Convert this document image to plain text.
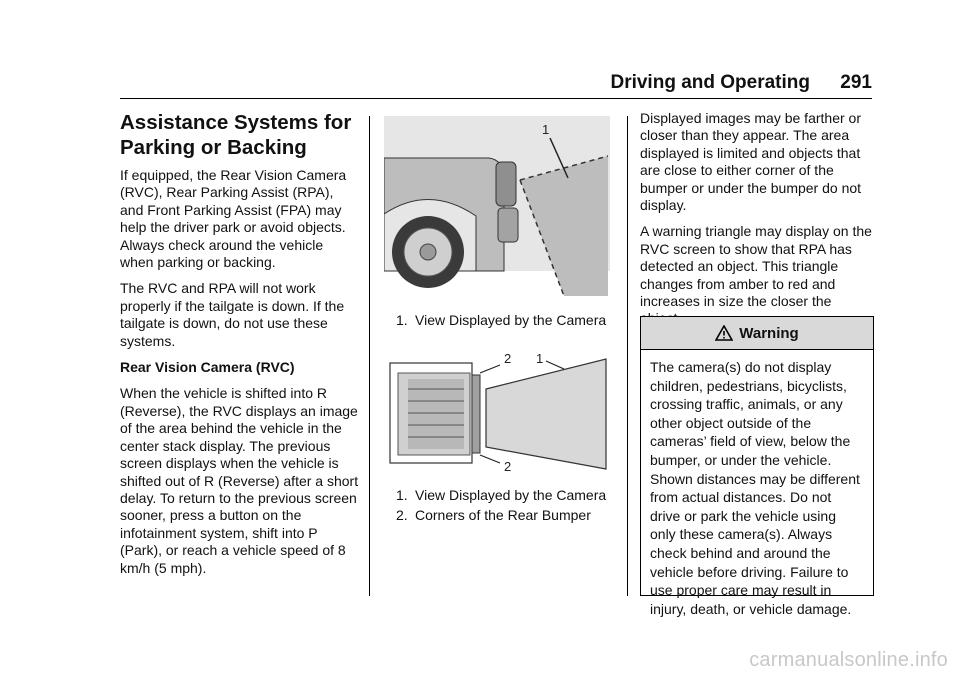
Driving and Operating 291
Assistance Systems for Parking or Backing

If equipped, the Rear Vision Camera (RVC), Rear Parking Assist (RPA), and Front Parking Assist (FPA) may help the driver park or avoid objects. Always check around the vehicle when parking or backing.

The RVC and RPA will not work properly if the tailgate is down. If the tailgate is down, do not use these systems.

Rear Vision Camera (RVC)

When the vehicle is shifted into R (Reverse), the RVC displays an image of the area behind the vehicle in the center stack display. The previous screen displays when the vehicle is shifted out of R (Reverse) after a short delay. To return to the previous screen sooner, press a button on the infotainment system, shift into P (Park), or reach a vehicle speed of 8 km/h (5 mph).

1
1. View Displayed by the Camera
2 1
2
1. View Displayed by the Camera
2. Corners of the Rear Bumper

Displayed images may be farther or closer than they appear. The area displayed is limited and objects that are close to either corner of the bumper or under the bumper do not display.

A warning triangle may display on the RVC screen to show that RPA has detected an object. This triangle changes from amber to red and increases in size the closer the

Warning
The camera(s) do not display children, pedestrians, bicyclists, crossing traffic, animals, or any other object outside of the cameras’ field of view, below the bumper, or under the vehicle. Shown distances may be different from actual distances. Do not drive or park the vehicle using only these camera(s). Always check behind and around the vehicle before driving. Failure to use proper care may result in injury, death, or vehicle damage.
carmanualsonline.info
